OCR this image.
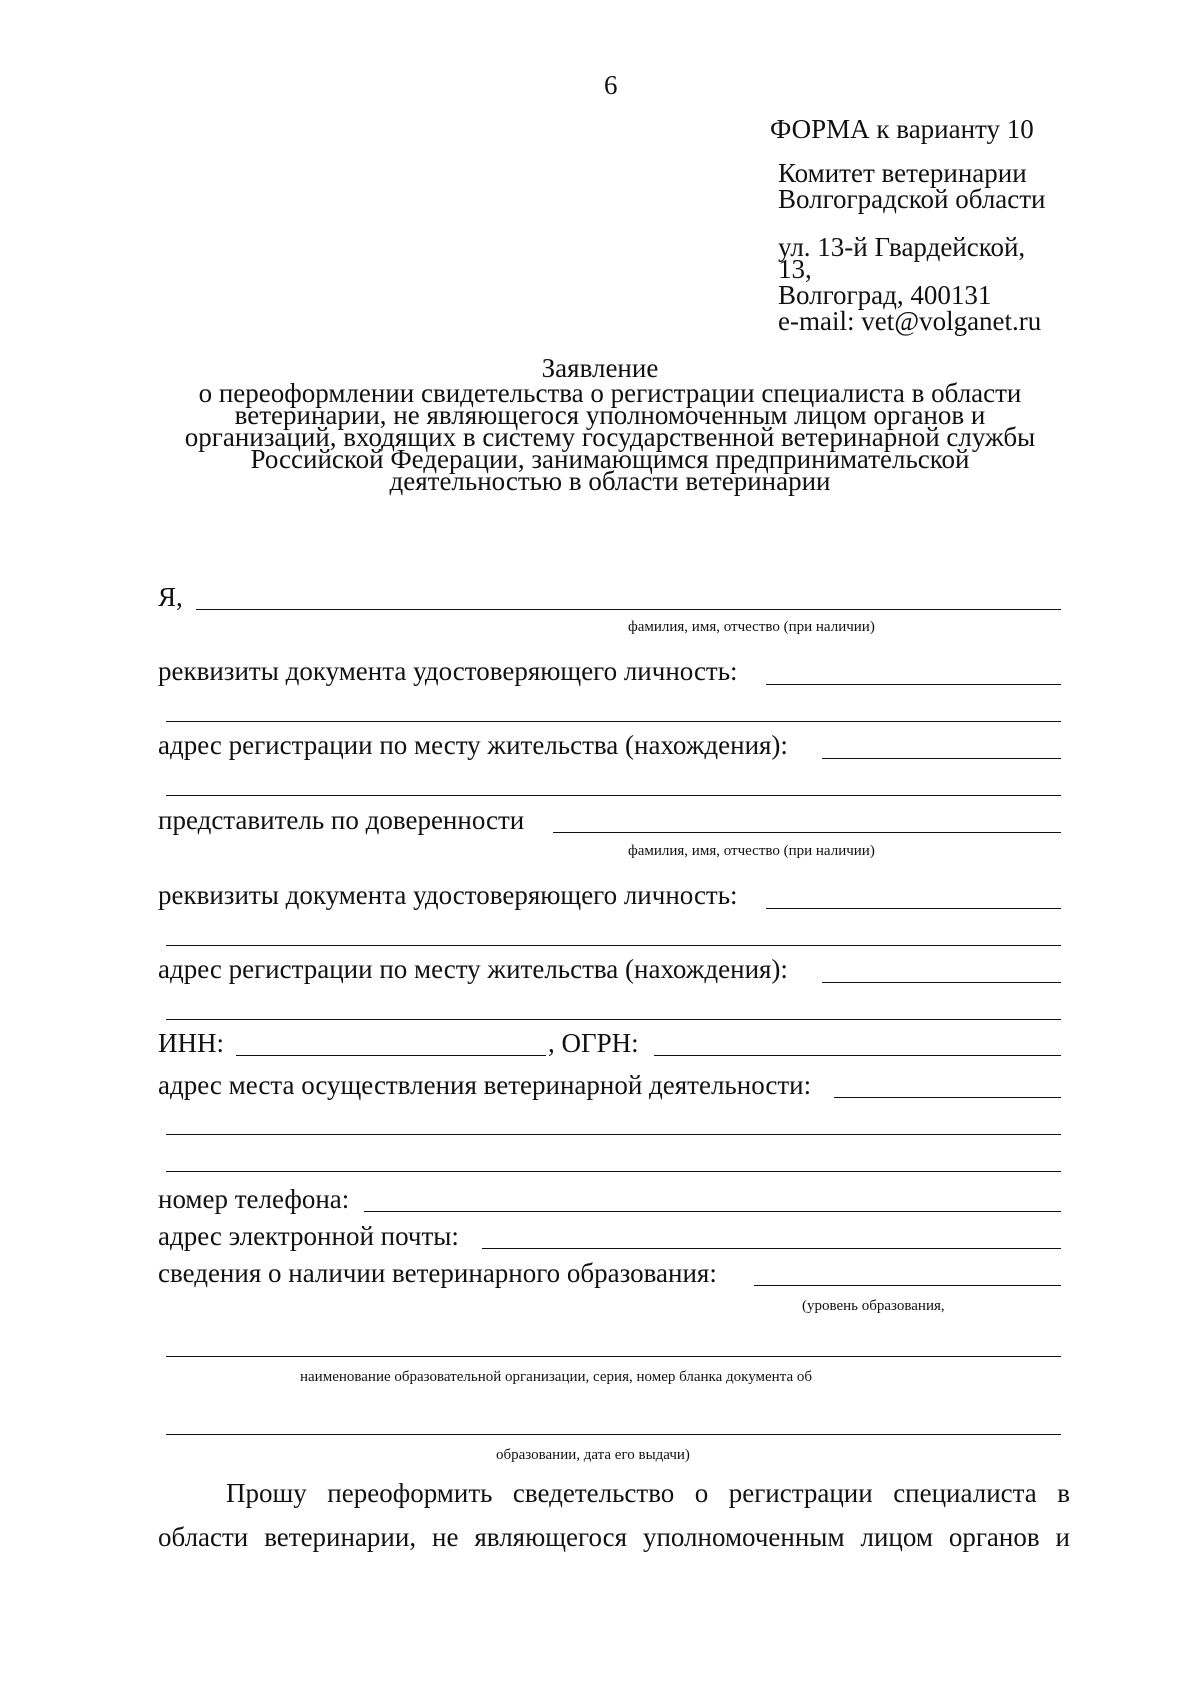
6
ФОРМА к варианту 10
Комитет ветеринарии
Волгоградской области
ул. 13-й Гвардейской,
13,
Волгоград, 400131
e-mail: vet@volganet.ru
Заявление
о переоформлении свидетельства о регистрации специалиста в области
ветеринарии, не являющегося уполномоченным лицом органов и
организаций, входящих в систему государственной ветеринарной службы
Российской Федерации, занимающимся предпринимательской
деятельностью в области ветеринарии
Я,
фамилия, имя, отчество (при наличии)
реквизиты документа удостоверяющего личность:
адрес регистрации по месту жительства (нахождения):
представитель по доверенности
фамилия, имя, отчество (при наличии)
реквизиты документа удостоверяющего личность:
адрес регистрации по месту жительства (нахождения):
ИНН:	, ОГРН:
адрес места осуществления ветеринарной деятельности:
номер телефона:
адрес электронной почты:
сведения о наличии ветеринарного образования:
(уровень образования,
наименование образовательной организации, серия, номер бланка документа об
образовании, дата его выдачи)
Прошу переоформить сведетельство о регистрации специалиста в
области ветеринарии, не являющегося уполномоченным лицом органов и
